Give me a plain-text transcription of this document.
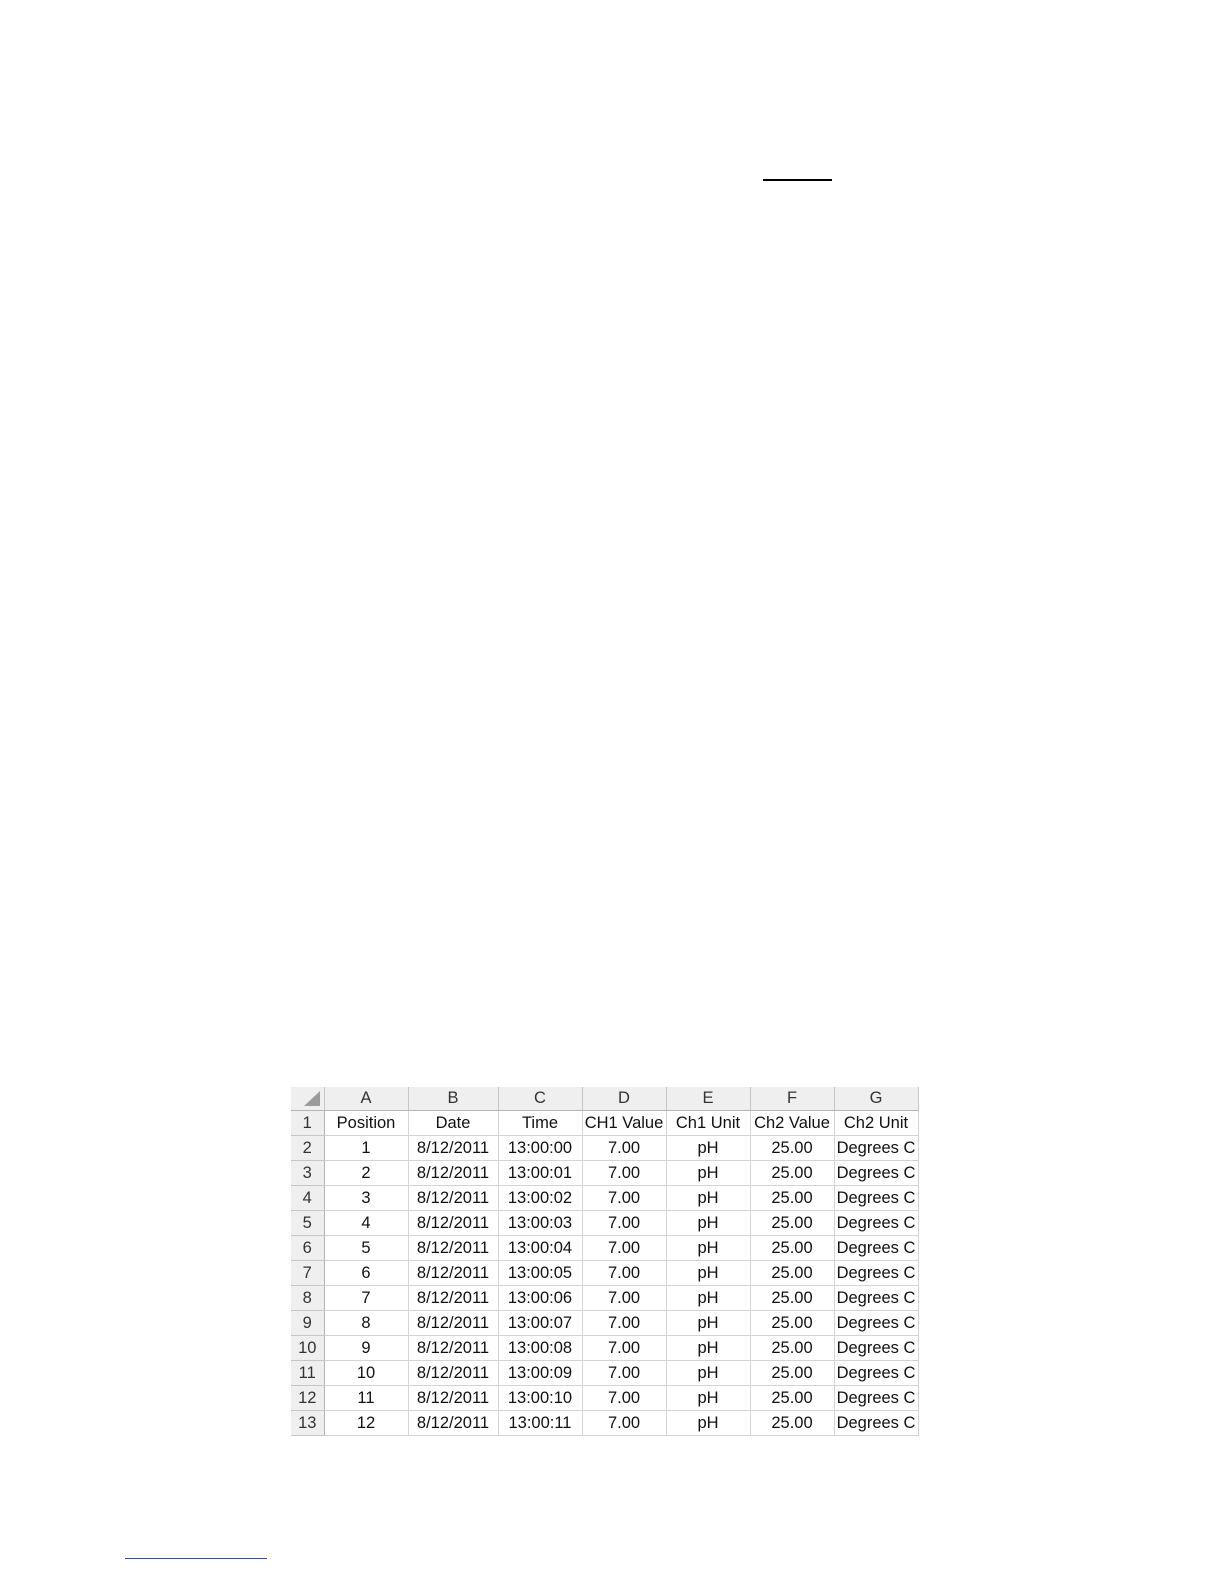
	A	B	C	D	E	F	G
1	Position	Date	Time	CH1 Value	Ch1 Unit	Ch2 Value	Ch2 Unit
2	1	8/12/2011	13:00:00	7.00	pH	25.00	Degrees C
3	2	8/12/2011	13:00:01	7.00	pH	25.00	Degrees C
4	3	8/12/2011	13:00:02	7.00	pH	25.00	Degrees C
5	4	8/12/2011	13:00:03	7.00	pH	25.00	Degrees C
6	5	8/12/2011	13:00:04	7.00	pH	25.00	Degrees C
7	6	8/12/2011	13:00:05	7.00	pH	25.00	Degrees C
8	7	8/12/2011	13:00:06	7.00	pH	25.00	Degrees C
9	8	8/12/2011	13:00:07	7.00	pH	25.00	Degrees C
10	9	8/12/2011	13:00:08	7.00	pH	25.00	Degrees C
11	10	8/12/2011	13:00:09	7.00	pH	25.00	Degrees C
12	11	8/12/2011	13:00:10	7.00	pH	25.00	Degrees C
13	12	8/12/2011	13:00:11	7.00	pH	25.00	Degrees C
